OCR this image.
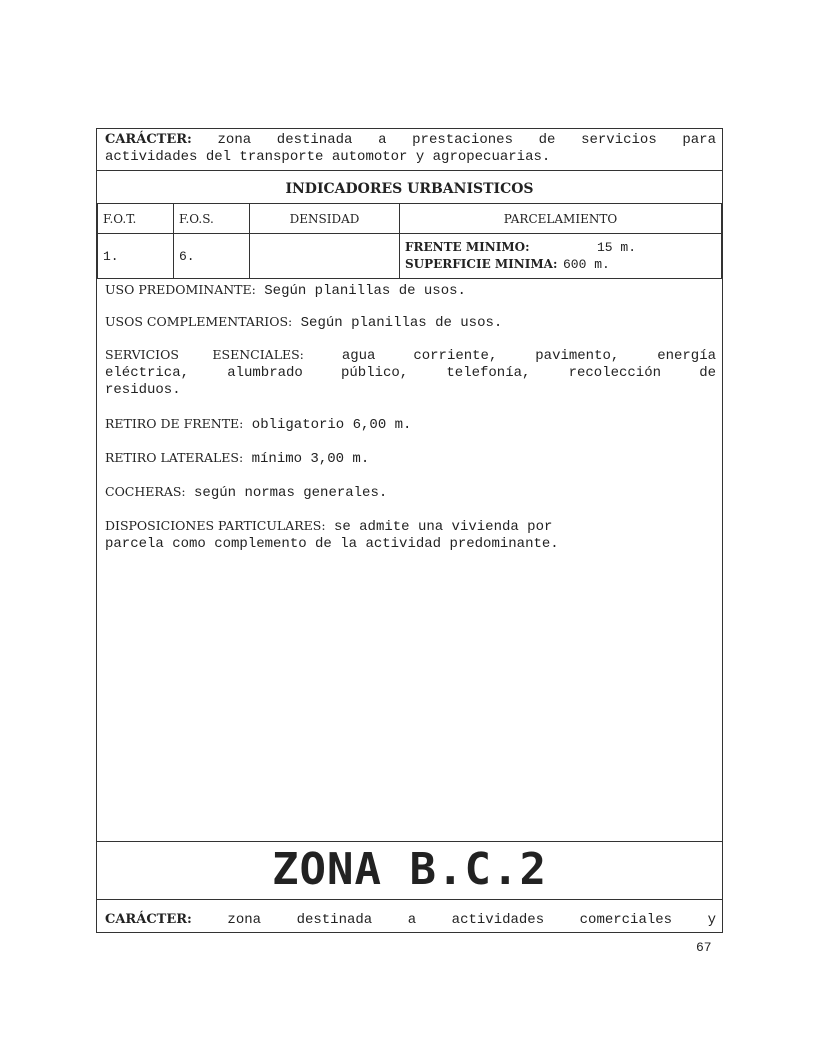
CARÁCTER: zona destinada a prestaciones de servicios para
actividades del transporte automotor y agropecuarias.
INDICADORES URBANISTICOS
F.O.T.	F.O.S.	DENSIDAD	PARCELAMIENTO
1.	6.		FRENTE MINIMO: 15 m.
SUPERFICIE MINIMA: 600 m.
USO PREDOMINANTE: Según planillas de usos.
USOS COMPLEMENTARIOS: Según planillas de usos.
SERVICIOS ESENCIALES:	agua corriente, pavimento, energía
eléctrica, alumbrado público, telefonía, recolección de
residuos.
RETIRO DE FRENTE: obligatorio 6,00 m.
RETIRO LATERALES: mínimo 3,00 m.
COCHERAS: según normas generales.
DISPOSICIONES PARTICULARES: se admite una vivienda por
parcela como complemento de la actividad predominante.
ZONA B.C.2
CARÁCTER:	zona destinada a actividades comerciales y
67
